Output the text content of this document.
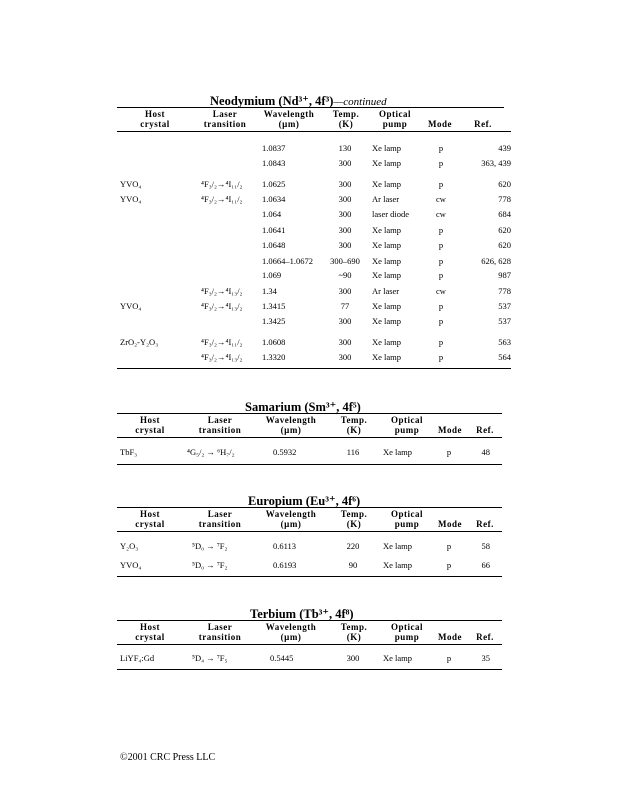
Neodymium (Nd³⁺, 4f³)—continued
Host
crystal
Laser
transition
Wavelength
(µm)
Temp.
(K)
Optical
pump	Mode	Ref.
1.0837	130	Xe lamp	p	439
1.0843	300	Xe lamp	p	363, 439
YVO₄	⁴F₃/₂→⁴I₁₁/₂ 1.0625	300	Xe lamp	p	620
YVO₄	⁴F₃/₂→⁴I₁₁/₂ 1.0634	300	Ar laser	cw	778
1.064	300	laser diode	cw	684
1.0641	300	Xe lamp	p	620
1.0648	300	Xe lamp	p	620
1.0664–1.0672 300–690 Xe lamp	p	626, 628
1.069	~90	Xe lamp	p	987
⁴F₃/₂→⁴I₁₃/₂ 1.34	300	Ar laser	cw	778
YVO₄	⁴F₃/₂→⁴I₁₃/₂ 1.3415	77	Xe lamp	p	537
1.3425	300	Xe lamp	p	537
ZrO₂-Y₂O₃	⁴F₃/₂→⁴I₁₁/₂ 1.0608	300	Xe lamp	p	563
⁴F₃/₂→⁴I₁₃/₂ 1.3320	300	Xe lamp	p	564
Samarium (Sm³⁺, 4f⁵)
Host
crystal
Laser
transition
Wavelength
(µm)
Temp.
(K)
Optical
pump	Mode	Ref.
TbF₃	⁴G₅/₂ → ⁶H₇/₂	0.5932	116	Xe lamp	p	48
Europium (Eu³⁺, 4f⁶)
Host
crystal
Laser
transition
Wavelength
(µm)
Temp.
(K)
Optical
pump	Mode	Ref.
Y₂O₃	⁵D₀ → ⁷F₂	0.6113	220	Xe lamp	p	58
YVO₄	⁵D₀ → ⁷F₂	0.6193	90	Xe lamp	p	66
Terbium (Tb³⁺, 4f⁸)
Host
crystal
Laser
transition
Wavelength
(µm)
Temp.
(K)
Optical
pump	Mode	Ref.
LiYF₄:Gd	⁵D₄ → ⁷F₅	0.5445	300	Xe lamp	p	35
©2001 CRC Press LLC
